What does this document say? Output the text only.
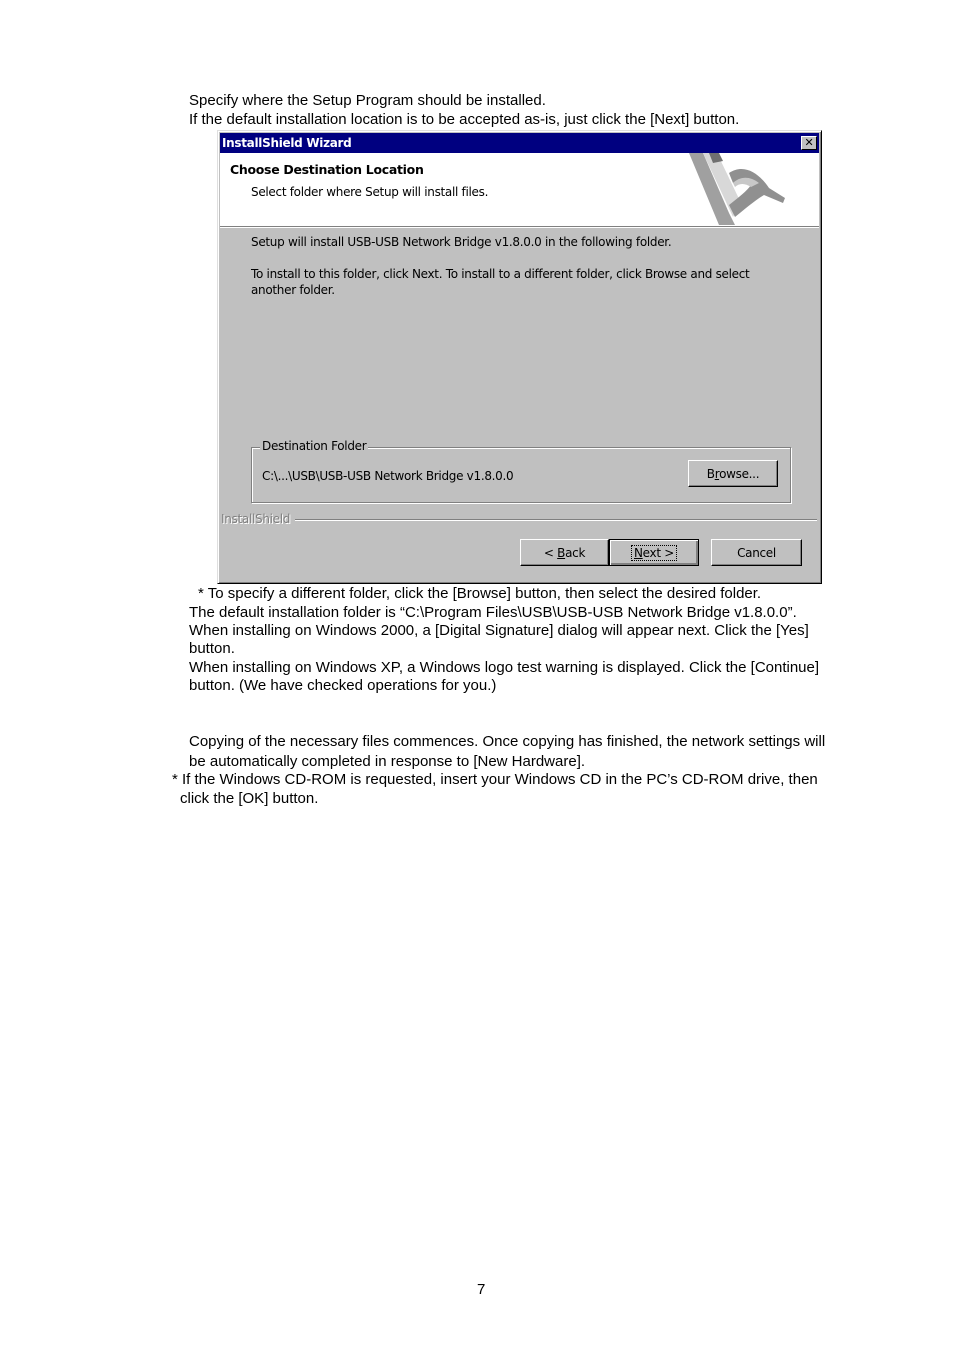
Specify where the Setup Program should be installed.

If the default installation location is to be accepted as-is, just click the [Next] button.

InstallShield Wizard	✕
Choose Destination Location
Select folder where Setup will install files.
Setup will install USB-USB Network Bridge v1.8.0.0 in the following folder.
To install to this folder, click Next. To install to a different folder, click Browse and select another folder.
Destination Folder
C:\...\USB\USB-USB Network Bridge v1.8.0.0	Browse...
InstallShield
< Back	Next >	Cancel

* To specify a different folder, click the [Browse] button, then select the desired folder.

The default installation folder is “C:\Program Files\USB\USB-USB Network Bridge v1.8.0.0”.

When installing on Windows 2000, a [Digital Signature] dialog will appear next. Click the [Yes]

button.

When installing on Windows XP, a Windows logo test warning is displayed. Click the [Continue]

button. (We have checked operations for you.)

Copying of the necessary files commences. Once copying has finished, the network settings will

be automatically completed in response to [New Hardware].

* If the Windows CD-ROM is requested, insert your Windows CD in the PC’s CD-ROM drive, then

click the [OK] button.

7
